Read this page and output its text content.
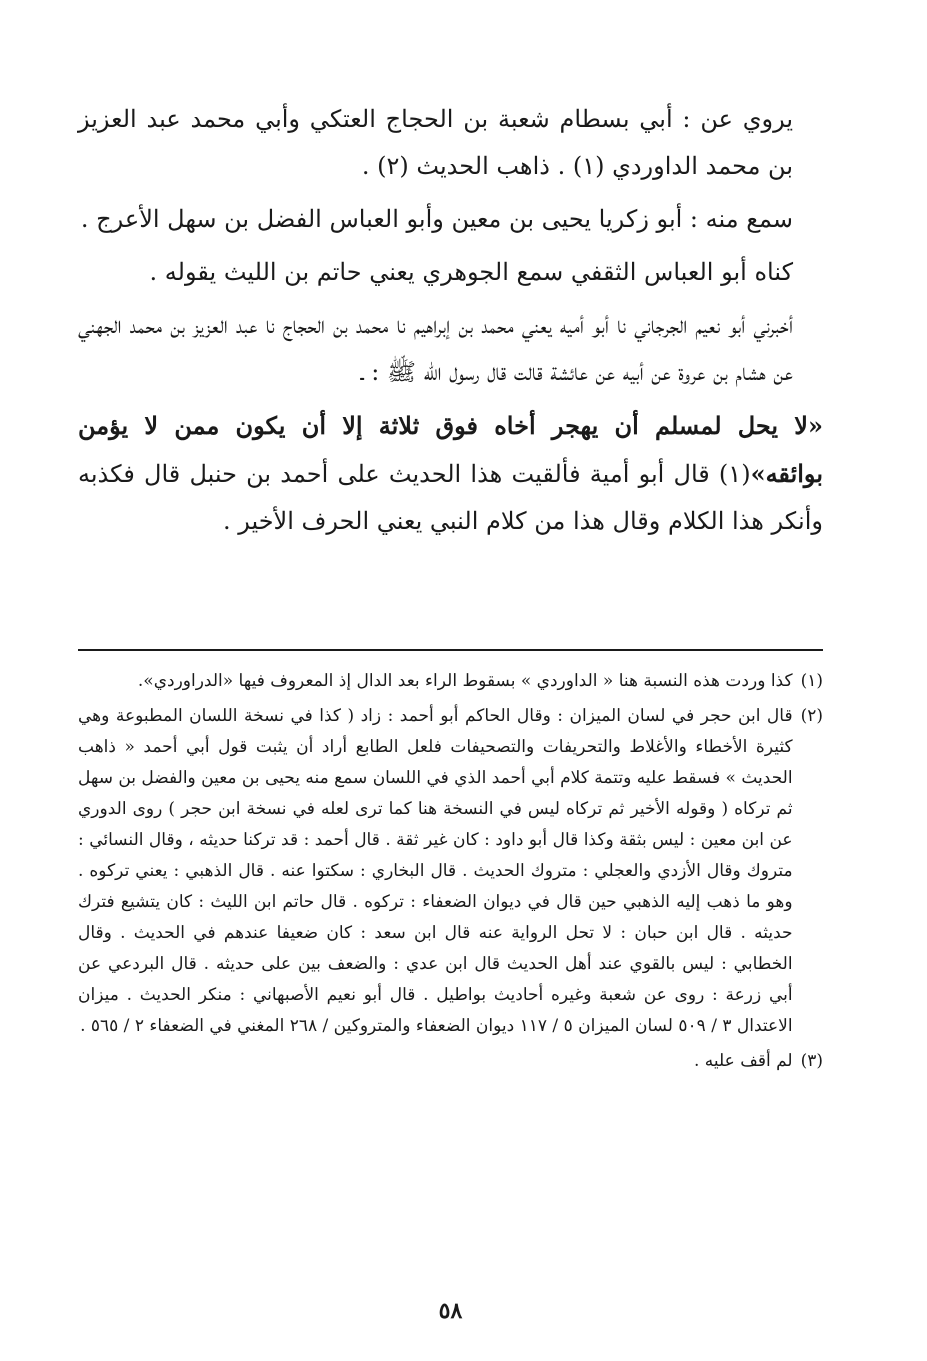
يروي عن : أبي بسطام شعبة بن الحجاج العتكي وأبي محمد عبد العزيز بن محمد الداوردي (١) . ذاهب الحديث (٢) .

سمع منه : أبو زكريا يحيى بن معين وأبو العباس الفضل بن سهل الأعرج .

كناه أبو العباس الثقفي سمع الجوهري يعني حاتم بن الليث يقوله .

أخبرني أبو نعيم الجرجاني نا أبو أميه يعني محمد بن إبراهيم نا محمد بن الحجاج نا عبد العزيز بن محمد الجهني عن هشام بن عروة عن أبيه عن عائشة قالت قال رسول الله ﷺ : ـ

«لا يحل لمسلم أن يهجر أخاه فوق ثلاثة إلا أن يكون ممن لا يؤمن بوائقه»(١) قال أبو أمية فألقيت هذا الحديث على أحمد بن حنبل قال فكذبه وأنكر هذا الكلام وقال هذا من كلام النبي يعني الحرف الأخير .

(١)
كذا وردت هذه النسبة هنا « الداوردي » بسقوط الراء بعد الدال إذ المعروف فيها «الدراوردي».
(٢)
قال ابن حجر في لسان الميزان : وقال الحاكم أبو أحمد : زاد ( كذا في نسخة اللسان المطبوعة وهي كثيرة الأخطاء والأغلاط والتحريفات والتصحيفات فلعل الطابع أراد أن يثبت قول أبي أحمد « ذاهب الحديث » فسقط عليه وتتمة كلام أبي أحمد الذي في اللسان سمع منه يحيى بن معين والفضل بن سهل ثم تركاه ( وقوله الأخير ثم تركاه ليس في النسخة هنا كما ترى لعله في نسخة ابن حجر ) روى الدوري عن ابن معين : ليس بثقة وكذا قال أبو داود : كان غير ثقة . قال أحمد : قد تركنا حديثه ، وقال النسائي : متروك وقال الأزدي والعجلي : متروك الحديث . قال البخاري : سكتوا عنه . قال الذهبي : يعني تركوه . وهو ما ذهب إليه الذهبي حين قال في ديوان الضعفاء : تركوه . قال حاتم ابن الليث : كان يتشيع فترك حديثه . قال ابن حبان : لا تحل الرواية عنه قال ابن سعد : كان ضعيفا عندهم في الحديث . وقال الخطابي : ليس بالقوي عند أهل الحديث قال ابن عدي : والضعف بين على حديثه . قال البردعي عن أبي زرعة : روى عن شعبة وغيره أحاديث بواطيل . قال أبو نعيم الأصبهاني : منكر الحديث . ميزان الاعتدال ٣ / ٥٠٩ لسان الميزان ٥ / ١١٧ ديوان الضعفاء والمتروكين / ٢٦٨ المغني في الضعفاء ٢ / ٥٦٥ .
(٣)
لم أقف عليه .
٥٨
